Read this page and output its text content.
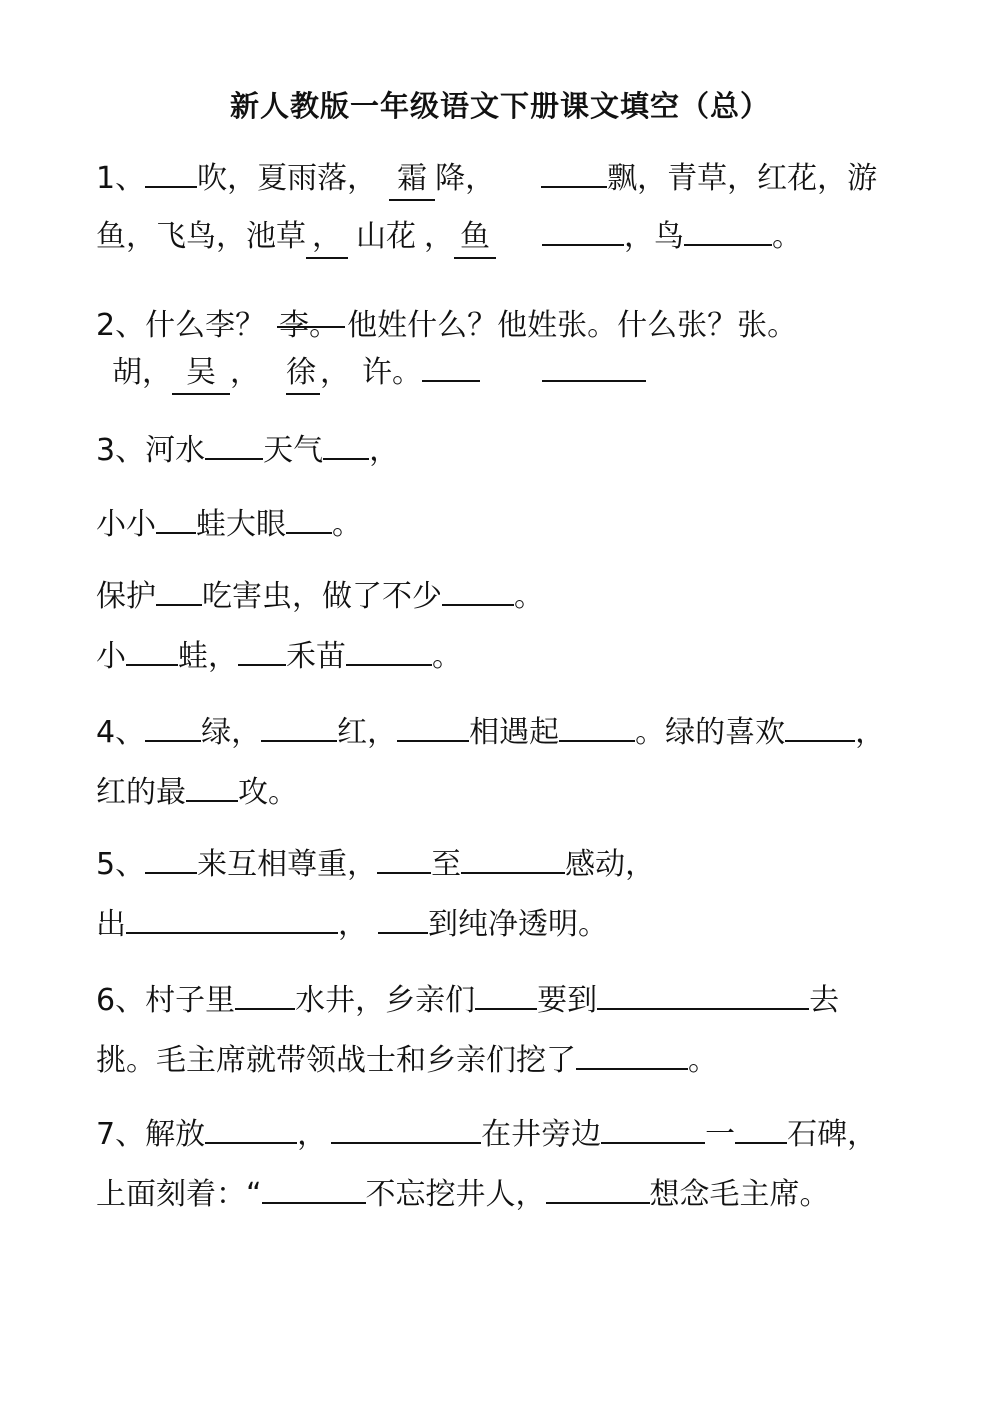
新人教版一年级语文下册课文填空（总）
1、 吹，夏雨落， 霜 降，	飘，青草，红花，游
鱼，飞鸟，池草 ， 山花 ， 鱼	，鸟	。
2、什么李？ 李。 他姓什么？他姓张。什么张？张。
胡， 吴 ， 徐 ， 许。
3、河水 天气 ，
小小 蛙大眼 。
保护 吃害虫，做了不少 。
小 蛙， 禾苗	。
4、 绿，	红， 相遇起	。绿的喜欢 ，
红的最 攻。
5、 来互相尊重， 至	感动，
出	， 到纯净透明。
6、村子里 水井，乡亲们 要到	去
挑。毛主席就带领战士和乡亲们挖了	。
7、解放	，	在井旁边	一 石碑，
上面刻着：“	不忘挖井人，	想念毛主席。
